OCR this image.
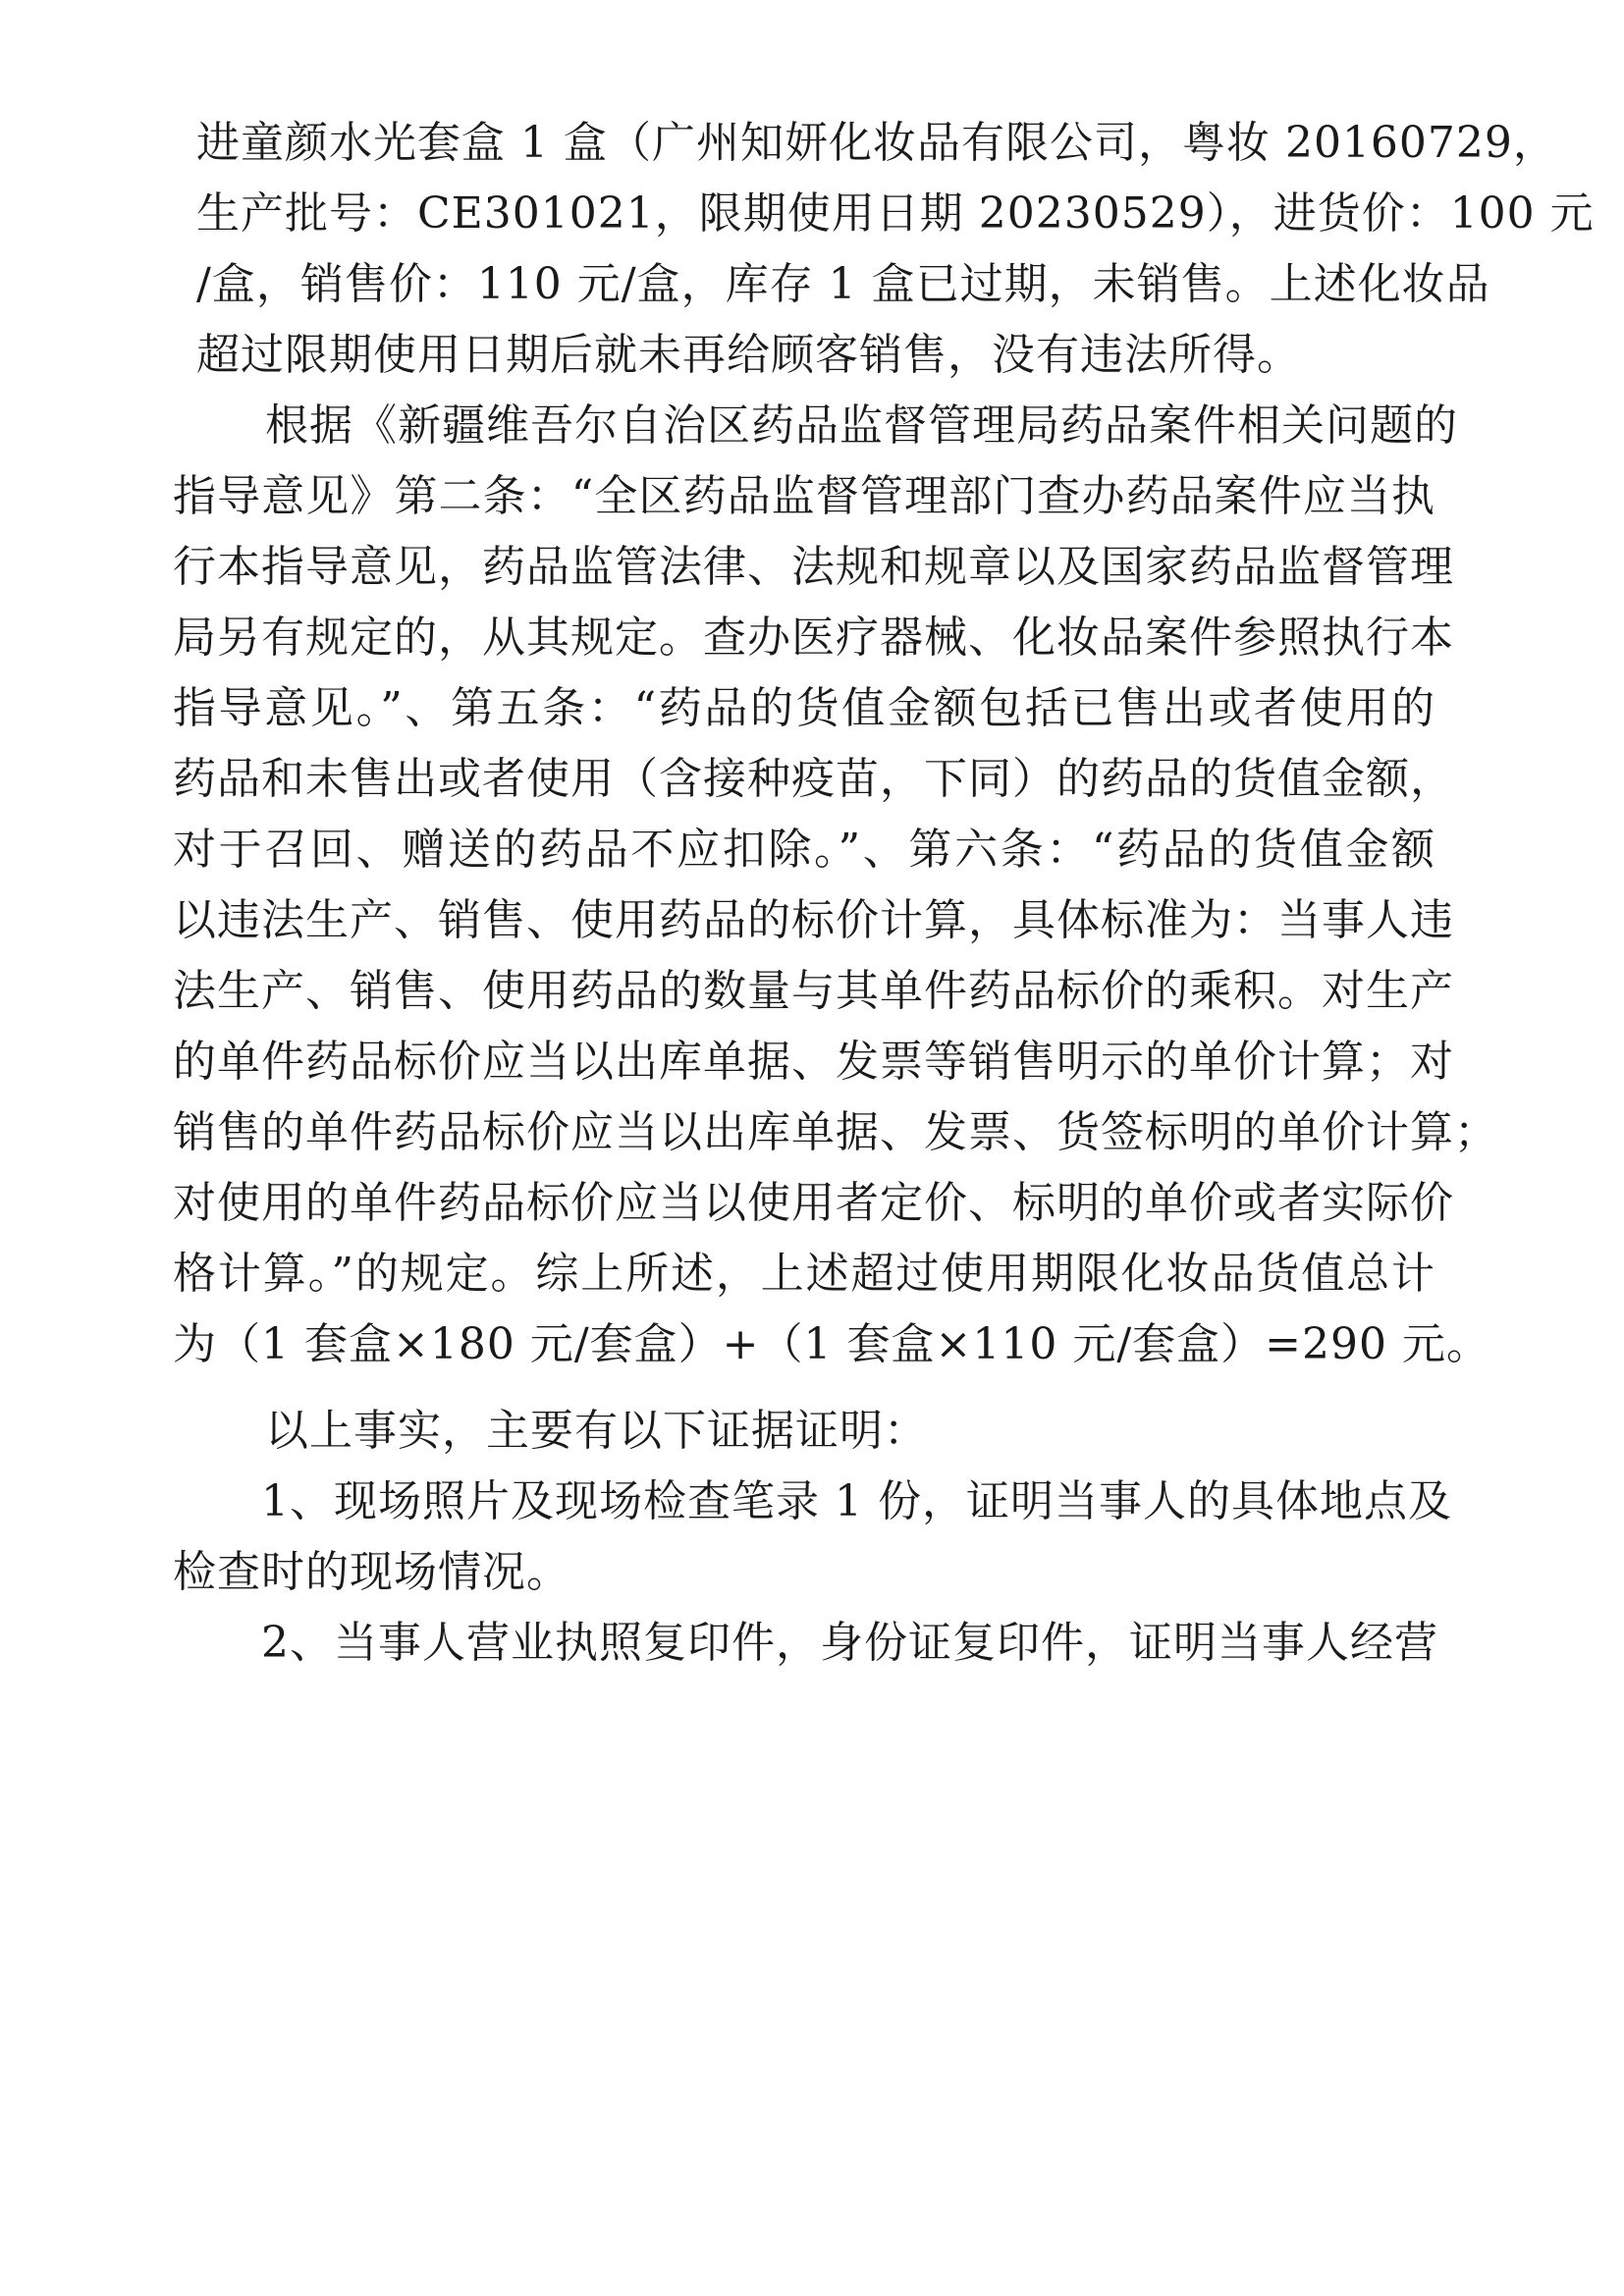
进童颜水光套盒 1 盒（广州知妍化妆品有限公司，粤妆 20160729，
生产批号：CE301021，限期使用日期 20230529），进货价：100 元
/盒，销售价：110 元/盒，库存 1 盒已过期，未销售。上述化妆品
超过限期使用日期后就未再给顾客销售，没有违法所得。
根据《新疆维吾尔自治区药品监督管理局药品案件相关问题的
指导意见》第二条：“全区药品监督管理部门查办药品案件应当执
行本指导意见，药品监管法律、法规和规章以及国家药品监督管理
局另有规定的，从其规定。查办医疗器械、化妆品案件参照执行本
指导意见。”、第五条：“药品的货值金额包括已售出或者使用的
药品和未售出或者使用（含接种疫苗，下同）的药品的货值金额，
对于召回、赠送的药品不应扣除。”、第六条：“药品的货值金额
以违法生产、销售、使用药品的标价计算，具体标准为：当事人违
法生产、销售、使用药品的数量与其单件药品标价的乘积。对生产
的单件药品标价应当以出库单据、发票等销售明示的单价计算；对
销售的单件药品标价应当以出库单据、发票、货签标明的单价计算；
对使用的单件药品标价应当以使用者定价、标明的单价或者实际价
格计算。”的规定。综上所述，上述超过使用期限化妆品货值总计
为（1 套盒×180 元/套盒）+（1 套盒×110 元/套盒）=290 元。
以上事实，主要有以下证据证明：
1、现场照片及现场检查笔录 1 份，证明当事人的具体地点及
检查时的现场情况。
2、当事人营业执照复印件，身份证复印件，证明当事人经营
